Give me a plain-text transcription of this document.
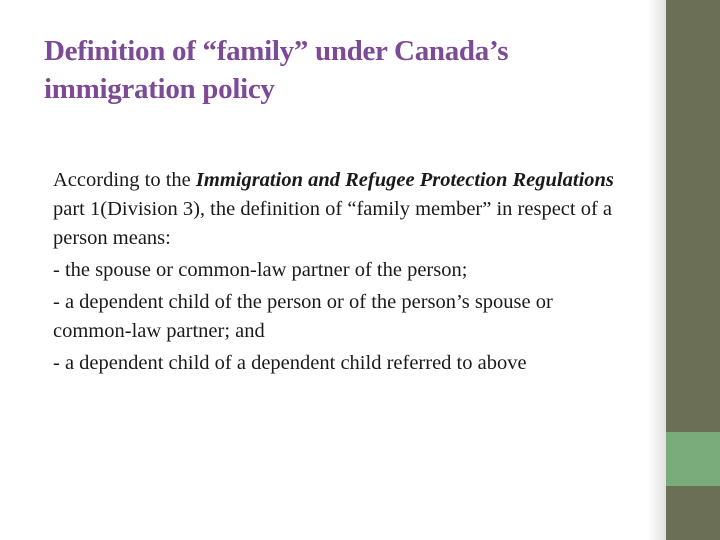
Definition of “family” under Canada’s immigration policy

According to the Immigration and Refugee Protection Regulations part 1(Division 3), the definition of “family member” in respect of a person means:

- the spouse or common-law partner of the person;

- a dependent child of the person or of the person’s spouse or common-law partner; and

- a dependent child of a dependent child referred to above
